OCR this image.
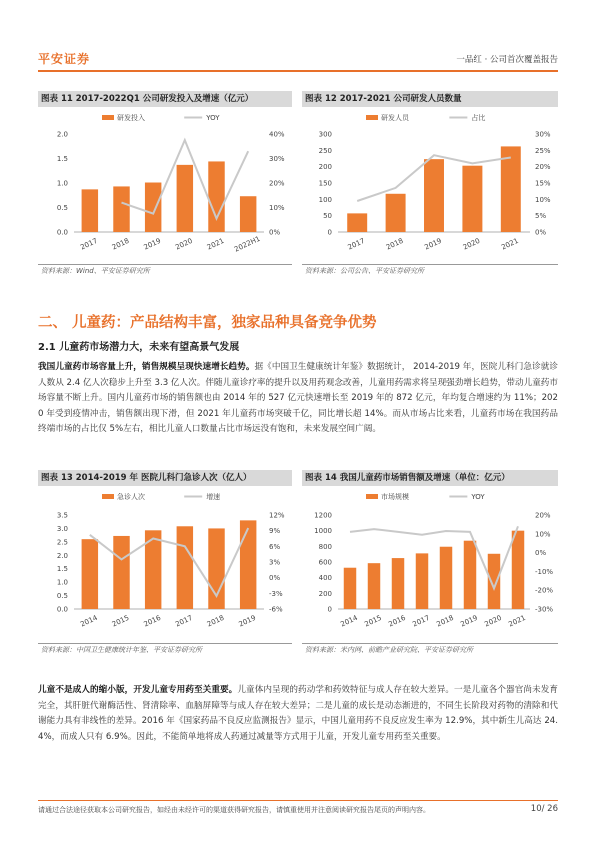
平安证券	一品红 · 公司首次覆盖报告
图表 11 2017-2022Q1 公司研发投入及增速（亿元）
0.0
0.5
1.0
1.5
2.0
0%
10%
20%
30%
40%
2017 2018 2019 2020 2021 2022H1
研发投入	YOY
资料来源：Wind、平安证券研究所
图表 12 2017-2021 公司研发人员数量
0
50
100
150
200
250
300
0%
5%
10%
15%
20%
25%
30%
2017	2018	2019	2020	2021
研发人员	占比
资料来源：公司公告、平安证券研究所
二、 儿童药：产品结构丰富，独家品种具备竞争优势
2.1 儿童药市场潜力大，未来有望高景气发展
我国儿童药市场容量上升，销售规模呈现快速增长趋势。据《中国卫生健康统计年鉴》数据统计， 2014-2019 年，医院儿科门急诊就诊人数从 2.4 亿人次稳步上升至 3.3 亿人次。伴随儿童诊疗率的提升以及用药观念改善，儿童用药需求将呈现强劲增长趋势，带动儿童药市场容量不断上升。国内儿童药市场的销售额也由 2014 年的 527 亿元快速增长至 2019 年的 872 亿元，年均复合增速约为 11%；2020 年受到疫情冲击，销售额出现下滑，但 2021 年儿童药市场突破千亿，同比增长超 14%。而从市场占比来看，儿童药市场在我国药品终端市场的占比仅 5%左右，相比儿童人口数量占比市场远没有饱和，未来发展空间广阔。
图表 13 2014-2019 年 医院儿科门急诊人次（亿人）
0.0
0.5
1.0
1.5
2.0
2.5
3.0
3.5
-6%
-3%
0%
3%
6%
9%
12%
2014 2015 2016 2017 2018 2019
急诊人次	增速
资料来源：中国卫生健康统计年鉴、平安证券研究所
图表 14 我国儿童药市场销售额及增速（单位：亿元）
0
200
400
600
800
1000
1200
-30%
-20%
-10%
0%
10%
20%
2014 2015 2016 2017 2018 2019 2020 2021
市场规模	YOY
资料来源：米内网、前瞻产业研究院、平安证券研究所
儿童不是成人的缩小版，开发儿童专用药至关重要。儿童体内呈现的药动学和药效特征与成人存在较大差异。一是儿童各个器官尚未发育完全，其肝脏代谢酶活性、肾清除率、血脑屏障等与成人存在较大差异；二是儿童的成长是动态渐进的，不同生长阶段对药物的清除和代谢能力具有非线性的差异。2016 年《国家药品不良反应监测报告》显示，中国儿童用药不良反应发生率为 12.9%，其中新生儿高达 24.4%，而成人只有 6.9%。因此，不能简单地将成人药通过减量等方式用于儿童，开发儿童专用药至关重要。
请通过合法途径获取本公司研究报告，如经由未经许可的渠道获得研究报告，请慎重使用并注意阅读研究报告尾页的声明内容。	10/ 26
